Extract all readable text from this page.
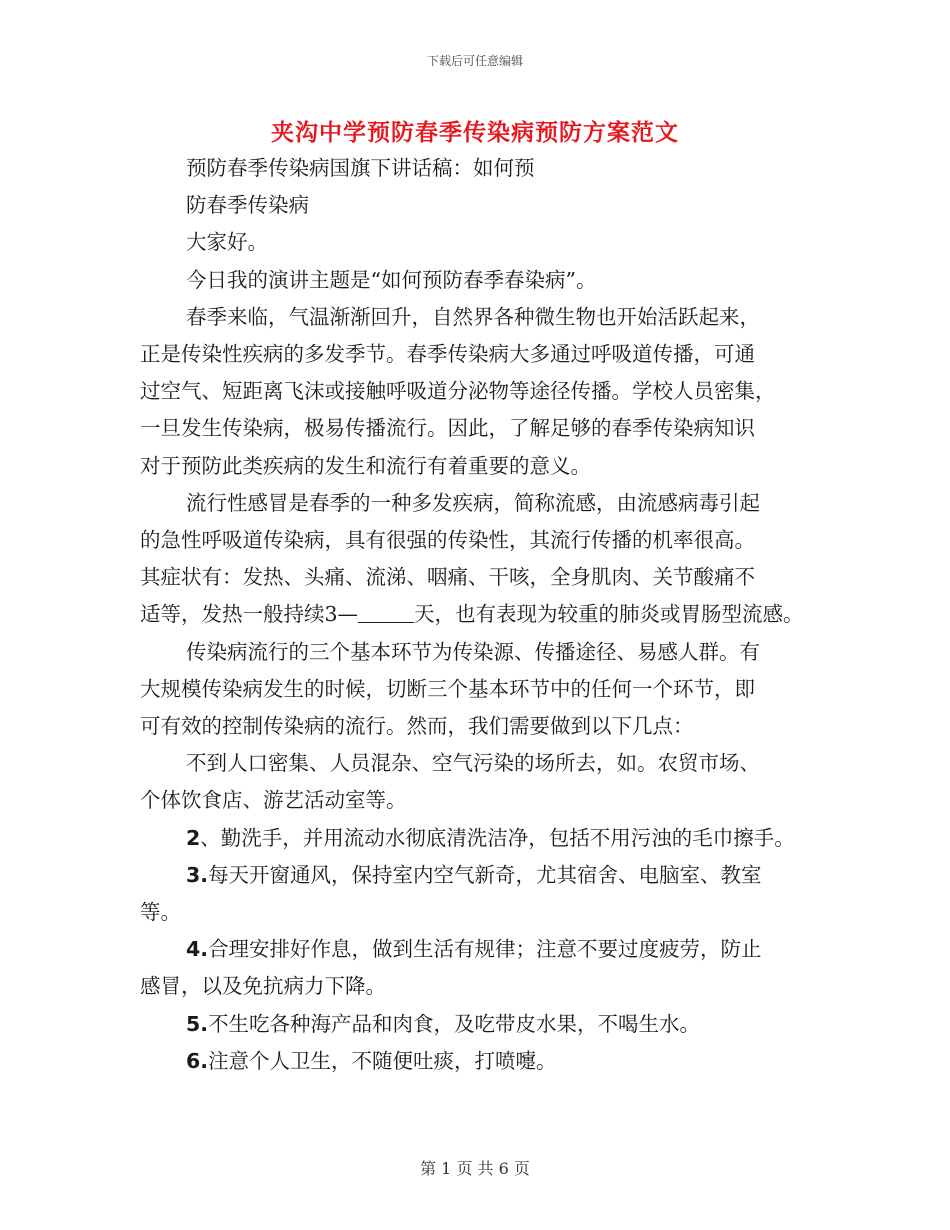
下载后可任意编辑
夹沟中学预防春季传染病预防方案范文

预防春季传染病国旗下讲话稿：如何预

防春季传染病

大家好。

今日我的演讲主题是“如何预防春季春染病”。

春季来临，气温渐渐回升，自然界各种微生物也开始活跃起来，

正是传染性疾病的多发季节。春季传染病大多通过呼吸道传播，可通

过空气、短距离飞沫或接触呼吸道分泌物等途径传播。学校人员密集，

一旦发生传染病，极易传播流行。因此，了解足够的春季传染病知识

对于预防此类疾病的发生和流行有着重要的意义。

流行性感冒是春季的一种多发疾病，简称流感，由流感病毒引起

的急性呼吸道传染病，具有很强的传染性，其流行传播的机率很高。

其症状有：发热、头痛、流涕、咽痛、干咳，全身肌肉、关节酸痛不

适等，发热一般持续3—	天，也有表现为较重的肺炎或胃肠型流感。

传染病流行的三个基本环节为传染源、传播途径、易感人群。有

大规模传染病发生的时候，切断三个基本环节中的任何一个环节，即

可有效的控制传染病的流行。然而，我们需要做到以下几点：

不到人口密集、人员混杂、空气污染的场所去，如。农贸市场、

个体饮食店、游艺活动室等。

2、勤洗手，并用流动水彻底清洗洁净，包括不用污浊的毛巾擦手。

3.每天开窗通风，保持室内空气新奇，尤其宿舍、电脑室、教室

等。

4.合理安排好作息，做到生活有规律；注意不要过度疲劳，防止

感冒，以及免抗病力下降。

5.不生吃各种海产品和肉食，及吃带皮水果，不喝生水。

6.注意个人卫生，不随便吐痰，打喷嚏。

第 1 页 共 6 页
